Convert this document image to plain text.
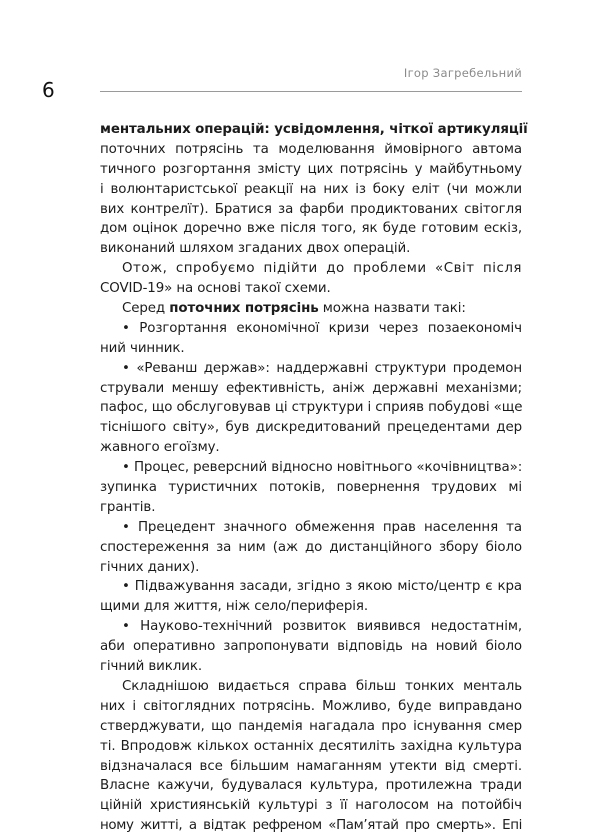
6
Ігор Загребельний
ментальних операцій: усвідомлення, чіткої артикуляції
поточних потрясінь та моделювання ймовірного автома
тичного розгортання змісту цих потрясінь у майбутньому
і волюнтаристської реакції на них із боку еліт (чи можли
вих контрелїт). Братися за фарби продиктованих світогля
дом оцінок доречно вже після того, як буде готовим ескіз,
виконаний шляхом згаданих двох операцій.
Отож, спробуємо підійти до проблеми «Світ після
COVID-19» на основі такої схеми.
Серед поточних потрясінь можна назвати такі:
• Розгортання економічної кризи через позаекономіч
ний чинник.
• «Реванш держав»: наддержавні структури продемон
стрували меншу ефективність, аніж державні механізми;
пафос, що обслуговував ці структури і сприяв побудові «ще
тіснішого світу», був дискредитований прецедентами дер
жавного егоїзму.
• Процес, реверсний відносно новітнього «кочівництва»:
зупинка туристичних потоків, повернення трудових мі
грантів.
• Прецедент значного обмеження прав населення та
спостереження за ним (аж до дистанційного збору біоло
гічних даних).
• Підважування засади, згідно з якою місто/центр є кра
щими для життя, ніж село/периферія.
• Науково-технічний розвиток виявився недостатнім,
аби оперативно запропонувати відповідь на новий біоло
гічний виклик.
Складнішою видається справа більш тонких менталь
них і світоглядних потрясінь. Можливо, буде виправдано
стверджувати, що пандемія нагадала про існування смер
ті. Впродовж кількох останніх десятиліть західна культура
відзначалася все більшим намаганням утекти від смерті.
Власне кажучи, будувалася культура, протилежна тради
ційній християнській культурі з її наголосом на потойбіч
ному житті, а відтак рефреном «Пам’ятай про смерть». Епі
